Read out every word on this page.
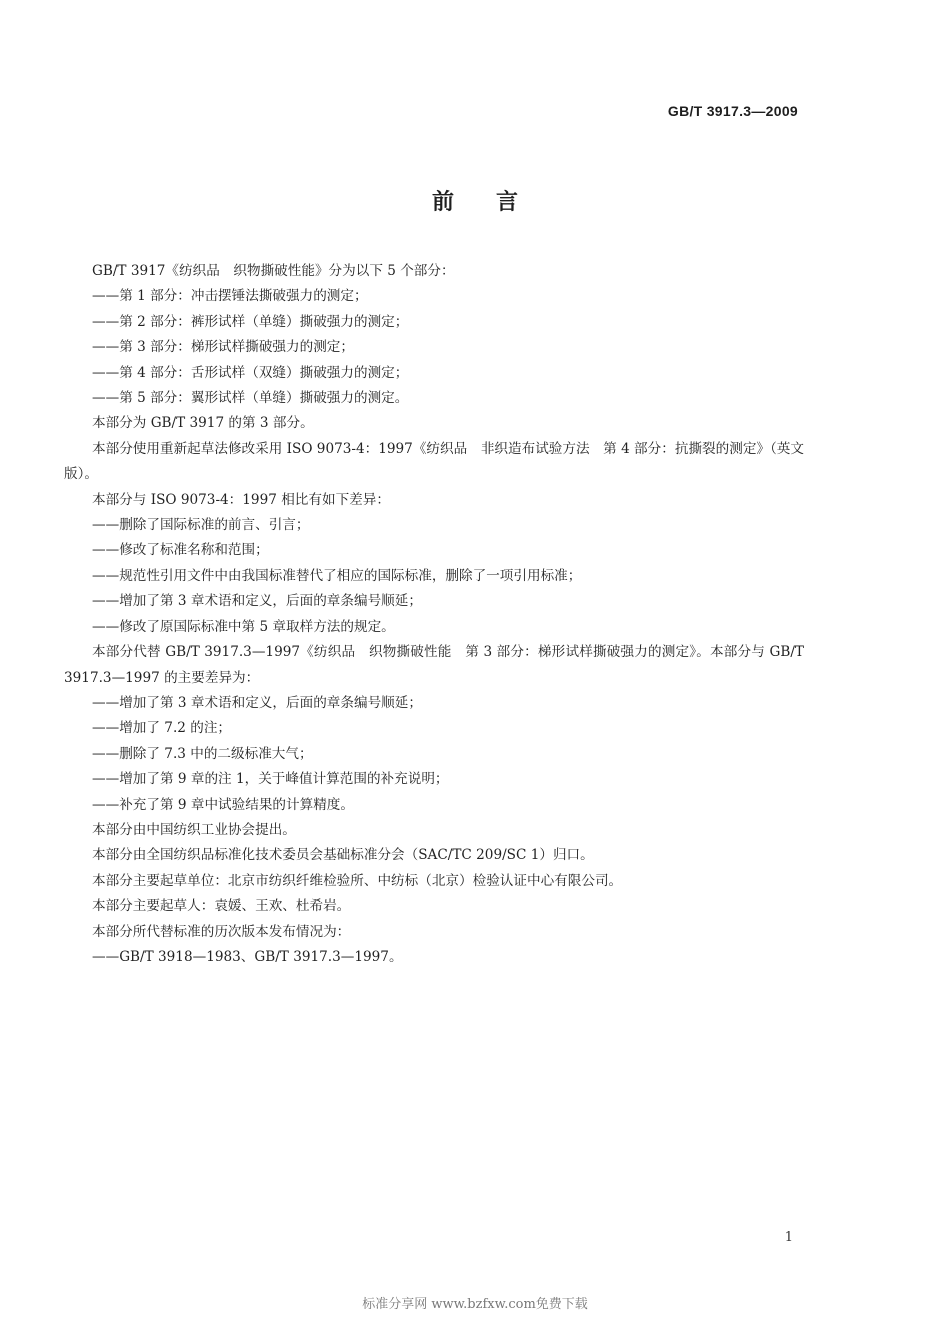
GB/T 3917.3—2009
前言

GB/T 3917《纺织品　织物撕破性能》分为以下 5 个部分：

——第 1 部分：冲击摆锤法撕破强力的测定；

——第 2 部分：裤形试样（单缝）撕破强力的测定；

——第 3 部分：梯形试样撕破强力的测定；

——第 4 部分：舌形试样（双缝）撕破强力的测定；

——第 5 部分：翼形试样（单缝）撕破强力的测定。

本部分为 GB/T 3917 的第 3 部分。

本部分使用重新起草法修改采用 ISO 9073-4：1997《纺织品　非织造布试验方法　第 4 部分：抗撕裂的测定》（英文版）。

本部分与 ISO 9073-4：1997 相比有如下差异：

——删除了国际标准的前言、引言；

——修改了标准名称和范围；

——规范性引用文件中由我国标准替代了相应的国际标准，删除了一项引用标准；

——增加了第 3 章术语和定义，后面的章条编号顺延；

——修改了原国际标准中第 5 章取样方法的规定。

本部分代替 GB/T 3917.3—1997《纺织品　织物撕破性能　第 3 部分：梯形试样撕破强力的测定》。本部分与 GB/T 3917.3—1997 的主要差异为：

——增加了第 3 章术语和定义，后面的章条编号顺延；

——增加了 7.2 的注；

——删除了 7.3 中的二级标准大气；

——增加了第 9 章的注 1，关于峰值计算范围的补充说明；

——补充了第 9 章中试验结果的计算精度。

本部分由中国纺织工业协会提出。

本部分由全国纺织品标准化技术委员会基础标准分会（SAC/TC 209/SC 1）归口。

本部分主要起草单位：北京市纺织纤维检验所、中纺标（北京）检验认证中心有限公司。

本部分主要起草人：袁媛、王欢、杜希岩。

本部分所代替标准的历次版本发布情况为：

——GB/T 3918—1983、GB/T 3917.3—1997。

1
标准分享网 www.bzfxw.com免费下载
